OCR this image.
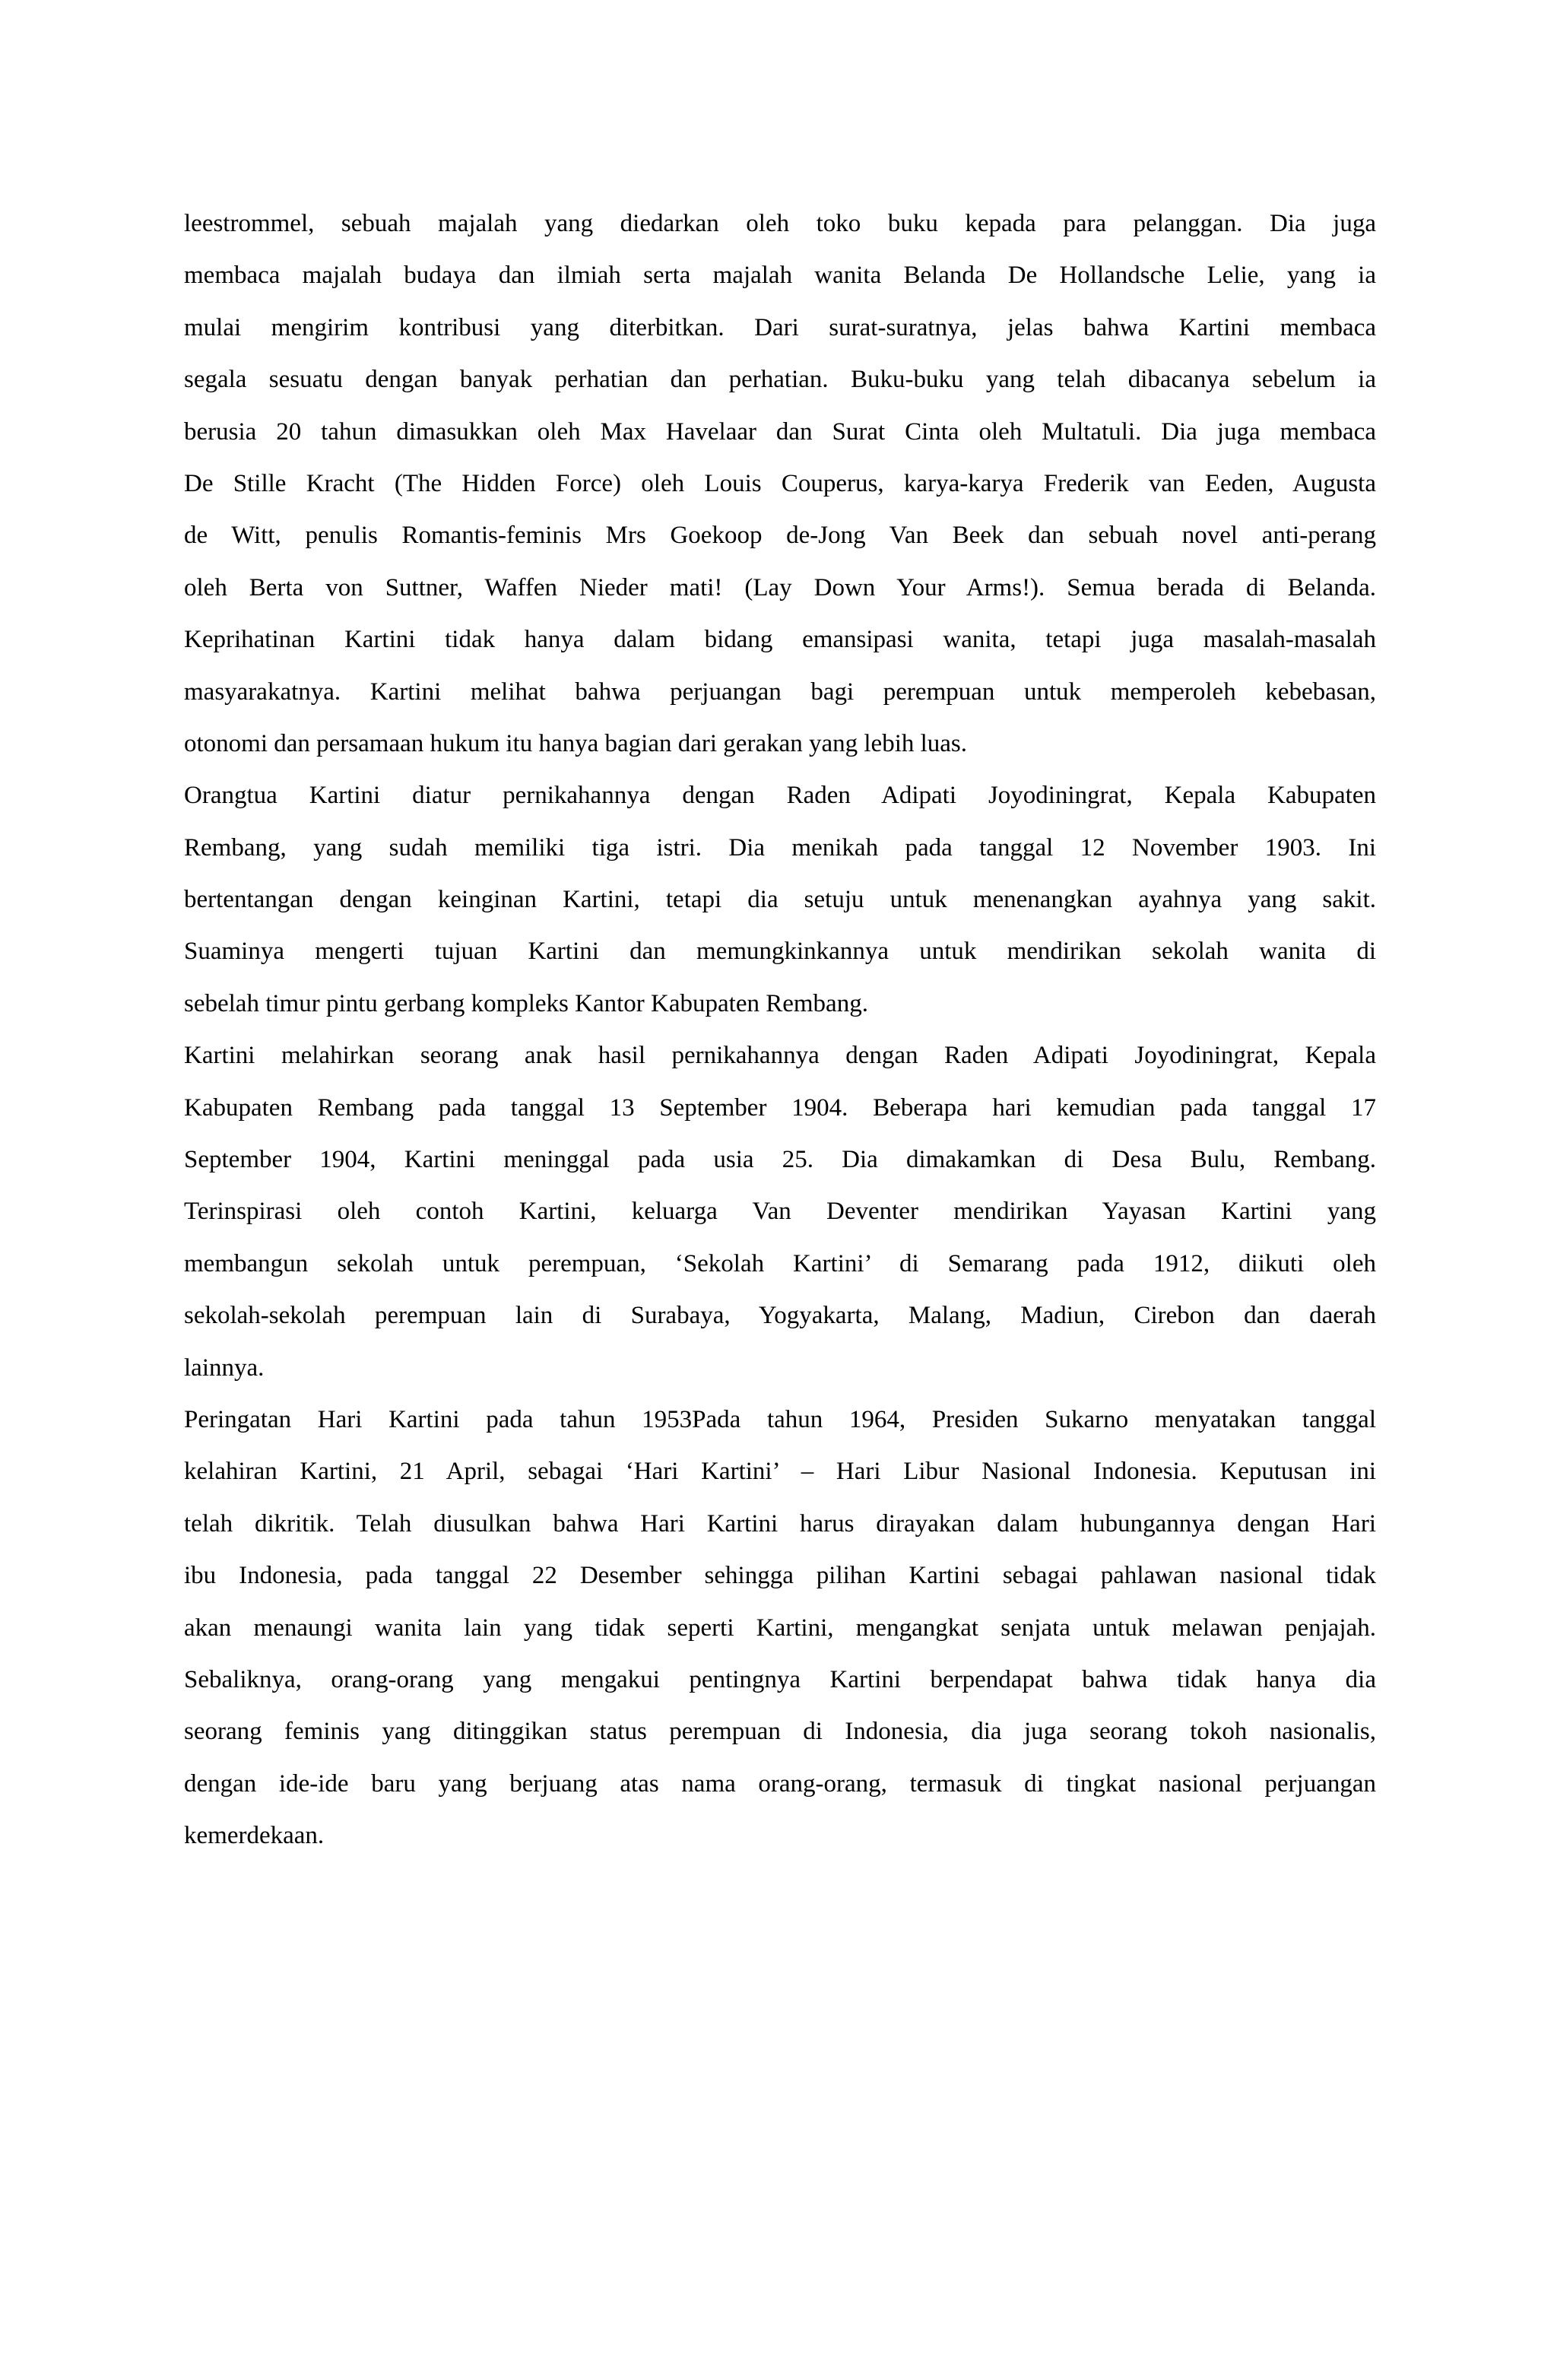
leestrommel, sebuah majalah yang diedarkan oleh toko buku kepada para pelanggan. Dia juga
membaca majalah budaya dan ilmiah serta majalah wanita Belanda De Hollandsche Lelie, yang ia
mulai mengirim kontribusi yang diterbitkan. Dari surat-suratnya, jelas bahwa Kartini membaca
segala sesuatu dengan banyak perhatian dan perhatian. Buku-buku yang telah dibacanya sebelum ia
berusia 20 tahun dimasukkan oleh Max Havelaar dan Surat Cinta oleh Multatuli. Dia juga membaca
De Stille Kracht (The Hidden Force) oleh Louis Couperus, karya-karya Frederik van Eeden, Augusta
de Witt, penulis Romantis-feminis Mrs Goekoop de-Jong Van Beek dan sebuah novel anti-perang
oleh Berta von Suttner, Waffen Nieder mati! (Lay Down Your Arms!). Semua berada di Belanda.
Keprihatinan Kartini tidak hanya dalam bidang emansipasi wanita, tetapi juga masalah-masalah
masyarakatnya. Kartini melihat bahwa perjuangan bagi perempuan untuk memperoleh kebebasan,
otonomi dan persamaan hukum itu hanya bagian dari gerakan yang lebih luas.
Orangtua Kartini diatur pernikahannya dengan Raden Adipati Joyodiningrat, Kepala Kabupaten
Rembang, yang sudah memiliki tiga istri. Dia menikah pada tanggal 12 November 1903. Ini
bertentangan dengan keinginan Kartini, tetapi dia setuju untuk menenangkan ayahnya yang sakit.
Suaminya mengerti tujuan Kartini dan memungkinkannya untuk mendirikan sekolah wanita di
sebelah timur pintu gerbang kompleks Kantor Kabupaten Rembang.
Kartini melahirkan seorang anak hasil pernikahannya dengan Raden Adipati Joyodiningrat, Kepala
Kabupaten Rembang pada tanggal 13 September 1904. Beberapa hari kemudian pada tanggal 17
September 1904, Kartini meninggal pada usia 25. Dia dimakamkan di Desa Bulu, Rembang.
Terinspirasi oleh contoh Kartini, keluarga Van Deventer mendirikan Yayasan Kartini yang
membangun sekolah untuk perempuan, ‘Sekolah Kartini’ di Semarang pada 1912, diikuti oleh
sekolah-sekolah perempuan lain di Surabaya, Yogyakarta, Malang, Madiun, Cirebon dan daerah
lainnya.
Peringatan Hari Kartini pada tahun 1953Pada tahun 1964, Presiden Sukarno menyatakan tanggal
kelahiran Kartini, 21 April, sebagai ‘Hari Kartini’ – Hari Libur Nasional Indonesia. Keputusan ini
telah dikritik. Telah diusulkan bahwa Hari Kartini harus dirayakan dalam hubungannya dengan Hari
ibu Indonesia, pada tanggal 22 Desember sehingga pilihan Kartini sebagai pahlawan nasional tidak
akan menaungi wanita lain yang tidak seperti Kartini, mengangkat senjata untuk melawan penjajah.
Sebaliknya, orang-orang yang mengakui pentingnya Kartini berpendapat bahwa tidak hanya dia
seorang feminis yang ditinggikan status perempuan di Indonesia, dia juga seorang tokoh nasionalis,
dengan ide-ide baru yang berjuang atas nama orang-orang, termasuk di tingkat nasional perjuangan
kemerdekaan.
